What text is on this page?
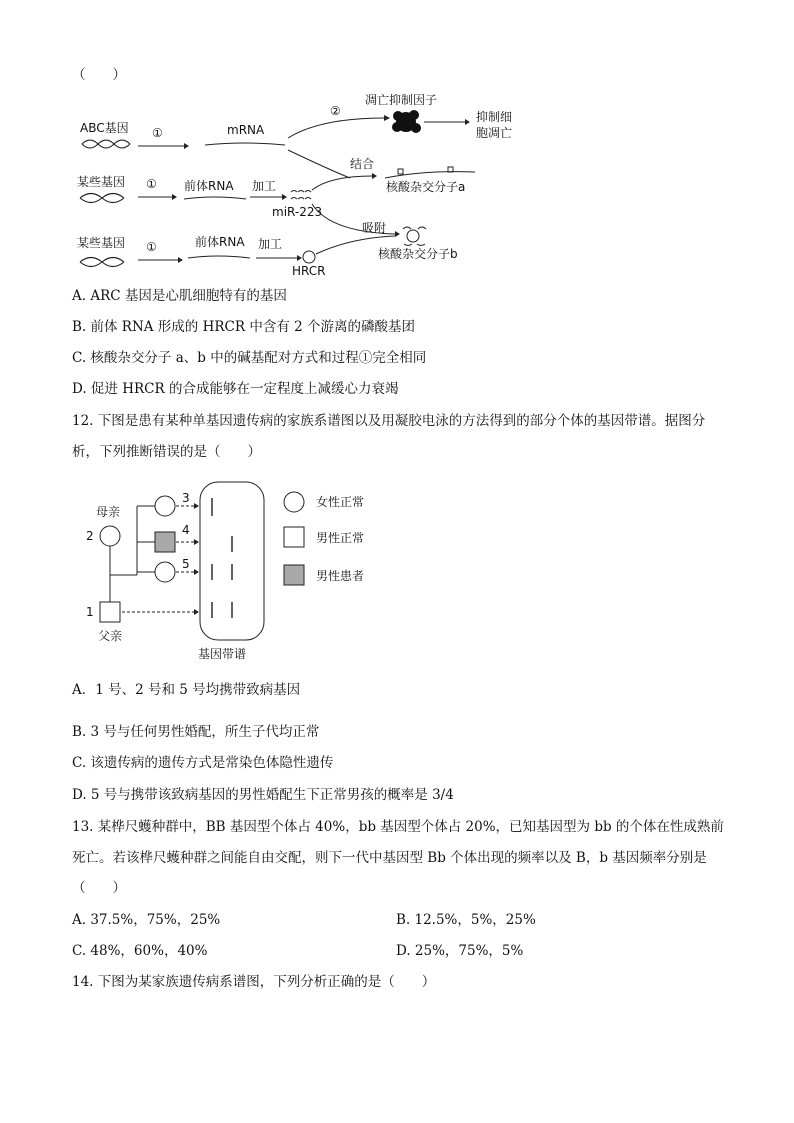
（　　）
ABC基因 ①	mRNA
②
凋亡抑制因子
抑制细
胞凋亡
某些基因 ① 前体RNA 加工
miR-223
结合
核酸杂交分子a
某些基因 ①	前体RNA 加工
HRCR
吸附
核酸杂交分子b
A. ARC 基因是心肌细胞特有的基因
B. 前体 RNA 形成的 HRCR 中含有 2 个游离的磷酸基团
C. 核酸杂交分子 a、b 中的碱基配对方式和过程①完全相同
D. 促进 HRCR 的合成能够在一定程度上减缓心力衰竭
12. 下图是患有某种单基因遗传病的家族系谱图以及用凝胶电泳的方法得到的部分个体的基因带谱。据图分
析，下列推断错误的是（　　）
母亲
2
3
4
5
1
父亲
基因带谱
女性正常
男性正常
男性患者
A．1 号、2 号和 5 号均携带致病基因
B. 3 号与任何男性婚配，所生子代均正常
C. 该遗传病的遗传方式是常染色体隐性遗传
D. 5 号与携带该致病基因的男性婚配生下正常男孩的概率是 3/4
13. 某桦尺蠖种群中，BB 基因型个体占 40%，bb 基因型个体占 20%，已知基因型为 bb 的个体在性成熟前
死亡。若该桦尺蠖种群之间能自由交配，则下一代中基因型 Bb 个体出现的频率以及 B，b 基因频率分别是
（　　）
A. 37.5%，75%，25%	B. 12.5%，5%，25%
C. 48%，60%，40%	D. 25%，75%，5%
14. 下图为某家族遗传病系谱图，下列分析正确的是（　　）
